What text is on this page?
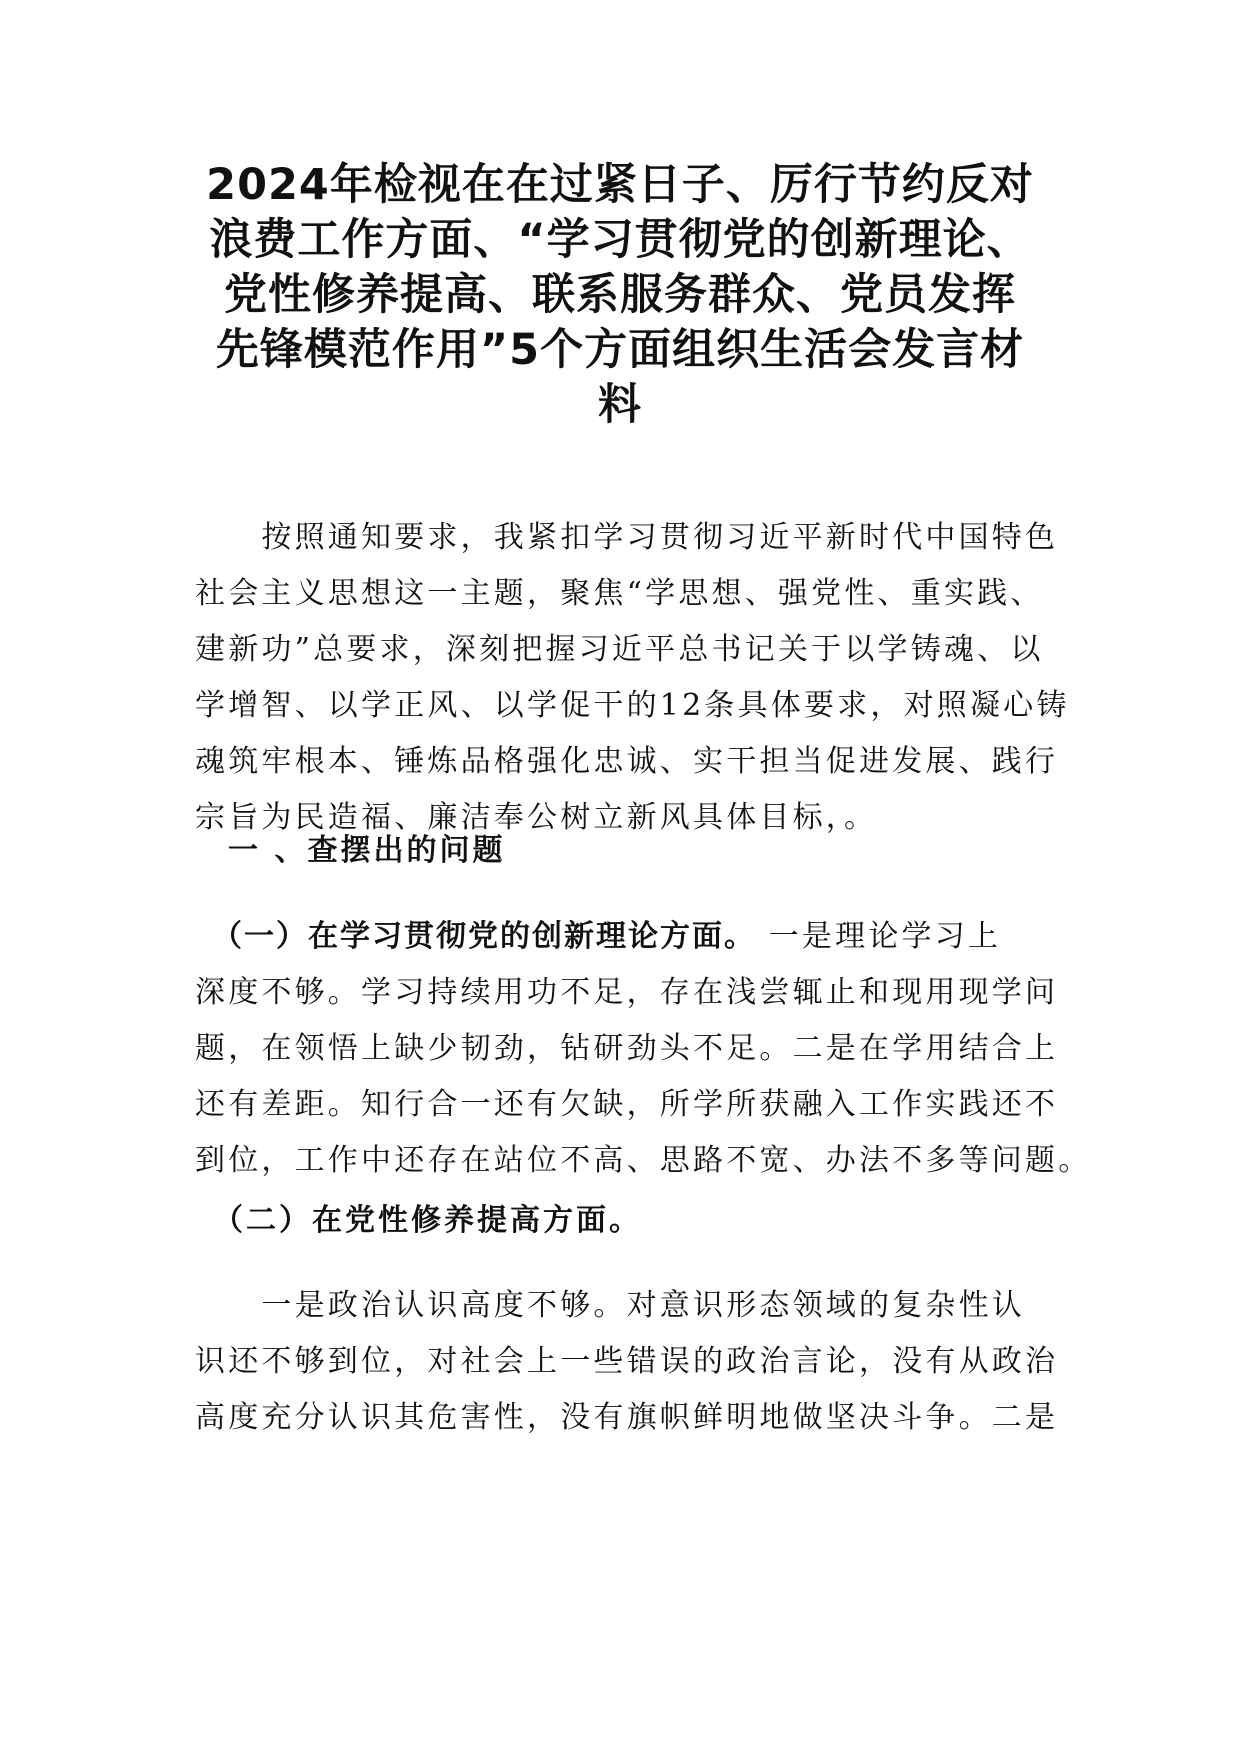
2024年检视在在过紧日子、厉行节约反对
浪费工作方面、“学习贯彻党的创新理论、
党性修养提高、联系服务群众、党员发挥
先锋模范作用”5个方面组织生活会发言材
料
　　按照通知要求，我紧扣学习贯彻习近平新时代中国特色
社会主义思想这一主题，聚焦“学思想、强党性、重实践、
建新功”总要求，深刻把握习近平总书记关于以学铸魂、以
学增智、以学正风、以学促干的12条具体要求，对照凝心铸
魂筑牢根本、锤炼品格强化忠诚、实干担当促进发展、践行
宗旨为民造福、廉洁奉公树立新风具体目标，。
　一 、查摆出的问题
　（一）在学习贯彻党的创新理论方面。 一是理论学习上
深度不够。学习持续用功不足，存在浅尝辄止和现用现学问
题，在领悟上缺少韧劲，钻研劲头不足。二是在学用结合上
还有差距。知行合一还有欠缺，所学所获融入工作实践还不
到位，工作中还存在站位不高、思路不宽、办法不多等问题。
　（二）在党性修养提高方面。
　　一是政治认识高度不够。对意识形态领域的复杂性认
识还不够到位，对社会上一些错误的政治言论，没有从政治
高度充分认识其危害性，没有旗帜鲜明地做坚决斗争。二是
